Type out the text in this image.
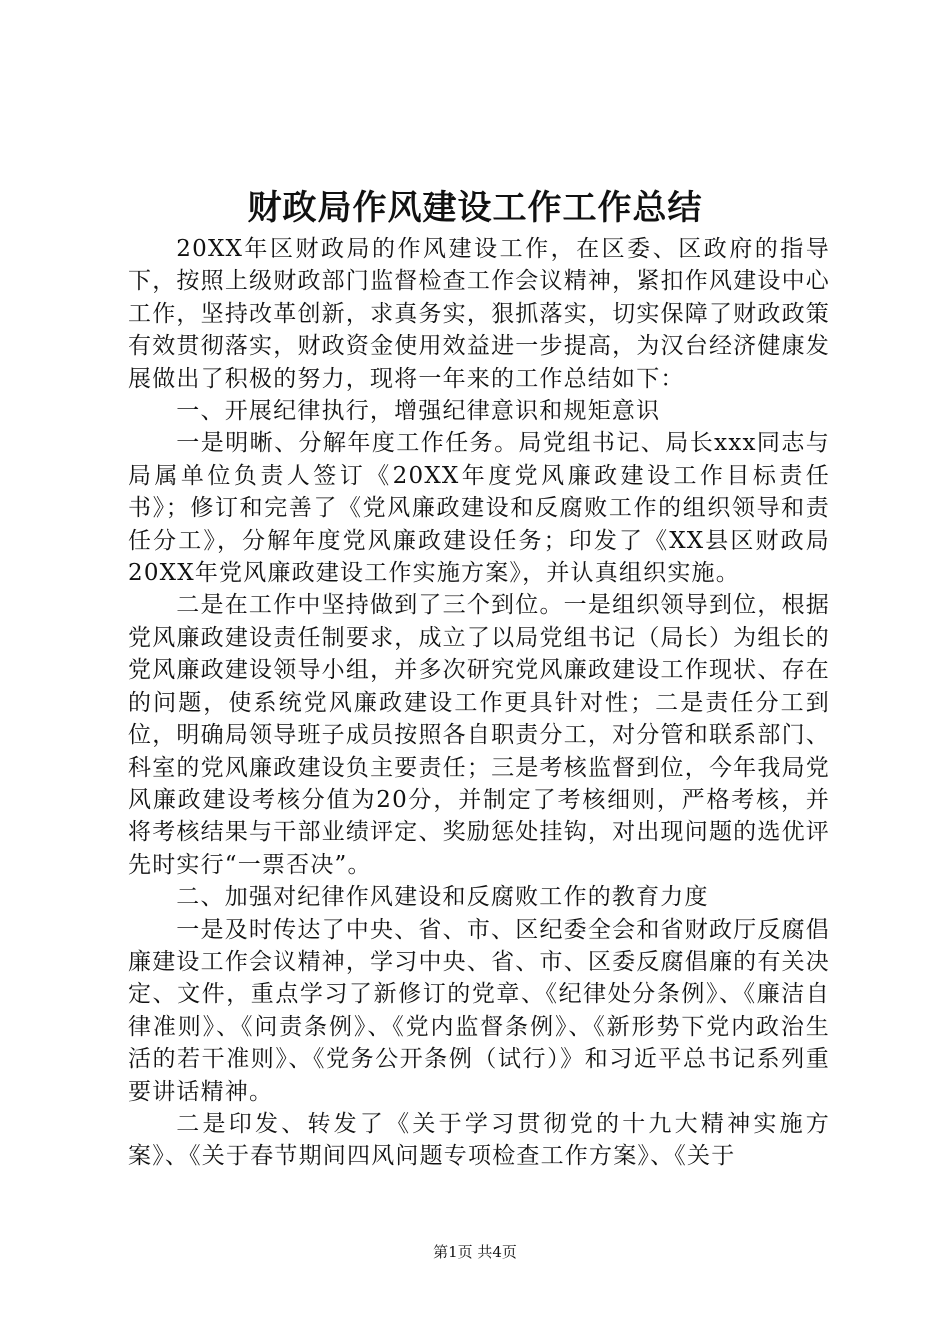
财政局作风建设工作工作总结

20XX年区财政局的作风建设工作，在区委、区政府的指导下，按照上级财政部门监督检查工作会议精神，紧扣作风建设中心工作，坚持改革创新，求真务实，狠抓落实，切实保障了财政政策有效贯彻落实，财政资金使用效益进一步提高，为汉台经济健康发展做出了积极的努力，现将一年来的工作总结如下：

一、开展纪律执行，增强纪律意识和规矩意识

一是明晰、分解年度工作任务。局党组书记、局长xxx同志与局属单位负责人签订《20XX年度党风廉政建设工作目标责任书》；修订和完善了《党风廉政建设和反腐败工作的组织领导和责任分工》，分解年度党风廉政建设任务；印发了《XX县区财政局20XX年党风廉政建设工作实施方案》，并认真组织实施。

二是在工作中坚持做到了三个到位。一是组织领导到位，根据党风廉政建设责任制要求，成立了以局党组书记（局长）为组长的党风廉政建设领导小组，并多次研究党风廉政建设工作现状、存在的问题，使系统党风廉政建设工作更具针对性；二是责任分工到位，明确局领导班子成员按照各自职责分工，对分管和联系部门、科室的党风廉政建设负主要责任；三是考核监督到位，今年我局党风廉政建设考核分值为20分，并制定了考核细则，严格考核，并将考核结果与干部业绩评定、奖励惩处挂钩，对出现问题的选优评先时实行“一票否决”。

二、加强对纪律作风建设和反腐败工作的教育力度

一是及时传达了中央、省、市、区纪委全会和省财政厅反腐倡廉建设工作会议精神，学习中央、省、市、区委反腐倡廉的有关决定、文件，重点学习了新修订的党章、《纪律处分条例》、《廉洁自律准则》、《问责条例》、《党内监督条例》、《新形势下党内政治生活的若干准则》、《党务公开条例（试行）》和习近平总书记系列重要讲话精神。

二是印发、转发了《关于学习贯彻党的十九大精神实施方案》、《关于春节期间四风问题专项检查工作方案》、《关于

第1页 共4页
